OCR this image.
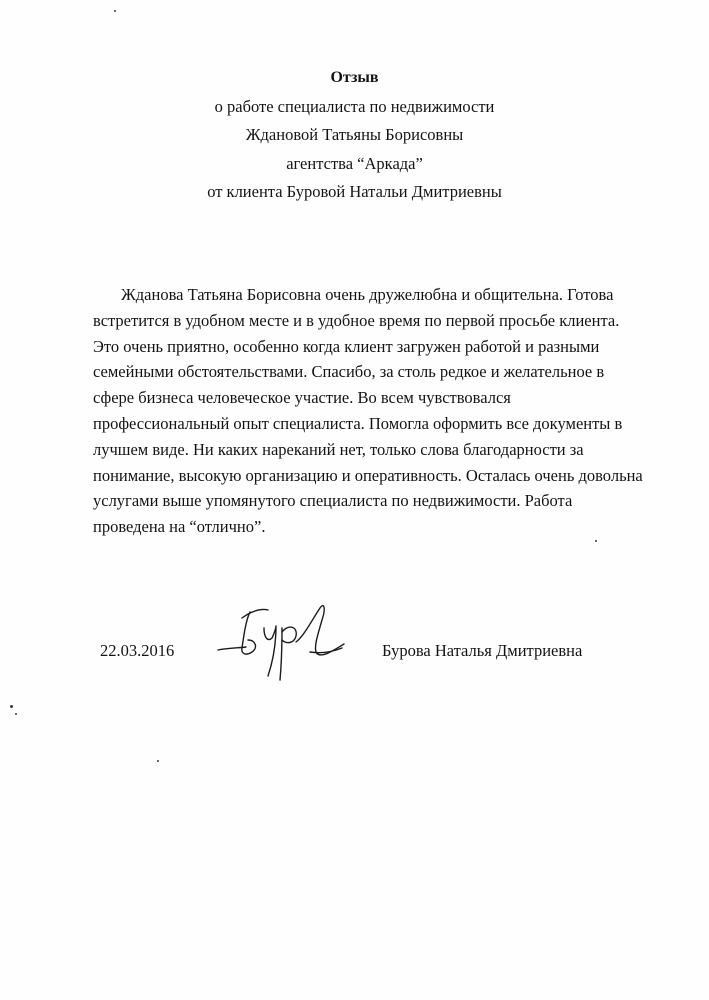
Отзыв
о работе специалиста по недвижимости
Ждановой Татьяны Борисовны
агентства “Аркада”
от клиента Буровой Натальи Дмитриевны
Жданова Татьяна Борисовна очень дружелюбна и общительна. Готова
встретится в удобном месте и в удобное время по первой просьбе клиента.
Это очень приятно, особенно когда клиент загружен работой и разными
семейными обстоятельствами. Спасибо, за столь редкое и желательное в
сфере бизнеса человеческое участие. Во всем чувствовался
профессиональный опыт специалиста. Помогла оформить все документы в
лучшем виде. Ни каких нареканий нет, только слова благодарности за
понимание, высокую организацию и оперативность. Осталась очень довольна
услугами выше упомянутого специалиста по недвижимости. Работа
проведена на “отлично”.
22.03.2016	Бурова Наталья Дмитриевна
